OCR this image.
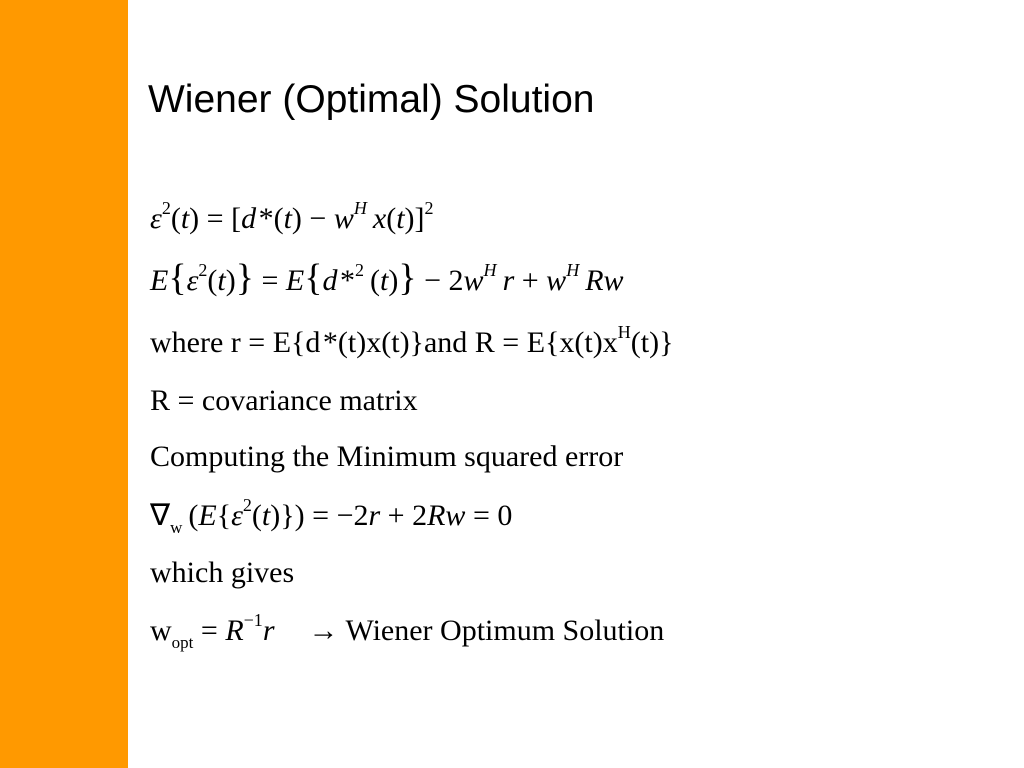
Wiener (Optimal) Solution
$\varepsilon^2(t) = [d$ $*(t) - w^H$  x(t)]$^2$
$E\{\varepsilon^2(t)\} = E\{d$ *$^2$ $(t)\} - 2w^H$  $r + w^H$  Rw
where r = E{d *(t)x(t)}and $R = E\{x(t)x^H(t)\}$
R = covariance matrix
Computing the Minimum squared error
$\nabla_w$ $(E\{\varepsilon^2(t)\}) = -2r + 2Rw = 0$
which gives
$w_{opt} = R^{-1}r$ → Wiener Optimum Solution
